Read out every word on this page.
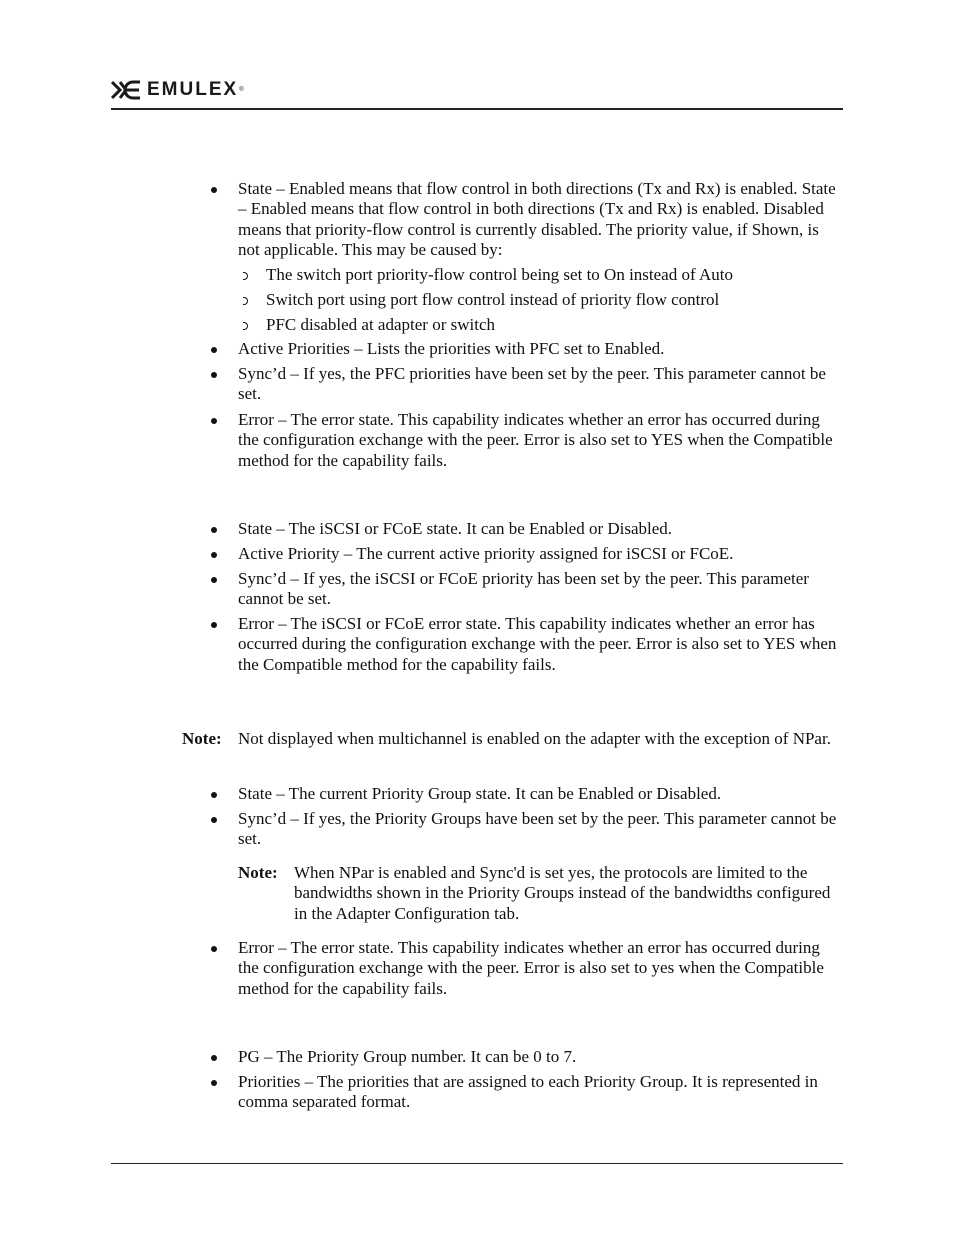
EMULEX ®
State – Enabled means that flow control in both directions (Tx and Rx) is enabled. State – Enabled means that flow control in both directions (Tx and Rx) is enabled. Disabled means that priority-flow control is currently disabled. The priority value, if Shown, is not applicable. This may be caused by:
The switch port priority-flow control being set to On instead of Auto
Switch port using port flow control instead of priority flow control
PFC disabled at adapter or switch
Active Priorities – Lists the priorities with PFC set to Enabled.
Sync’d – If yes, the PFC priorities have been set by the peer. This parameter cannot be set.
Error – The error state. This capability indicates whether an error has occurred during the configuration exchange with the peer. Error is also set to YES when the Compatible method for the capability fails.
State – The iSCSI or FCoE state. It can be Enabled or Disabled.
Active Priority – The current active priority assigned for iSCSI or FCoE.
Sync’d – If yes, the iSCSI or FCoE priority has been set by the peer. This parameter cannot be set.
Error – The iSCSI or FCoE error state. This capability indicates whether an error has occurred during the configuration exchange with the peer. Error is also set to YES when the Compatible method for the capability fails.
Note: Not displayed when multichannel is enabled on the adapter with the exception of NPar.
State – The current Priority Group state. It can be Enabled or Disabled.
Sync’d – If yes, the Priority Groups have been set by the peer. This parameter cannot be set.
Note: When NPar is enabled and Sync'd is set yes, the protocols are limited to the bandwidths shown in the Priority Groups instead of the bandwidths configured in the Adapter Configuration tab.
Error – The error state. This capability indicates whether an error has occurred during the configuration exchange with the peer. Error is also set to yes when the Compatible method for the capability fails.
PG – The Priority Group number. It can be 0 to 7.
Priorities – The priorities that are assigned to each Priority Group. It is represented in comma separated format.
